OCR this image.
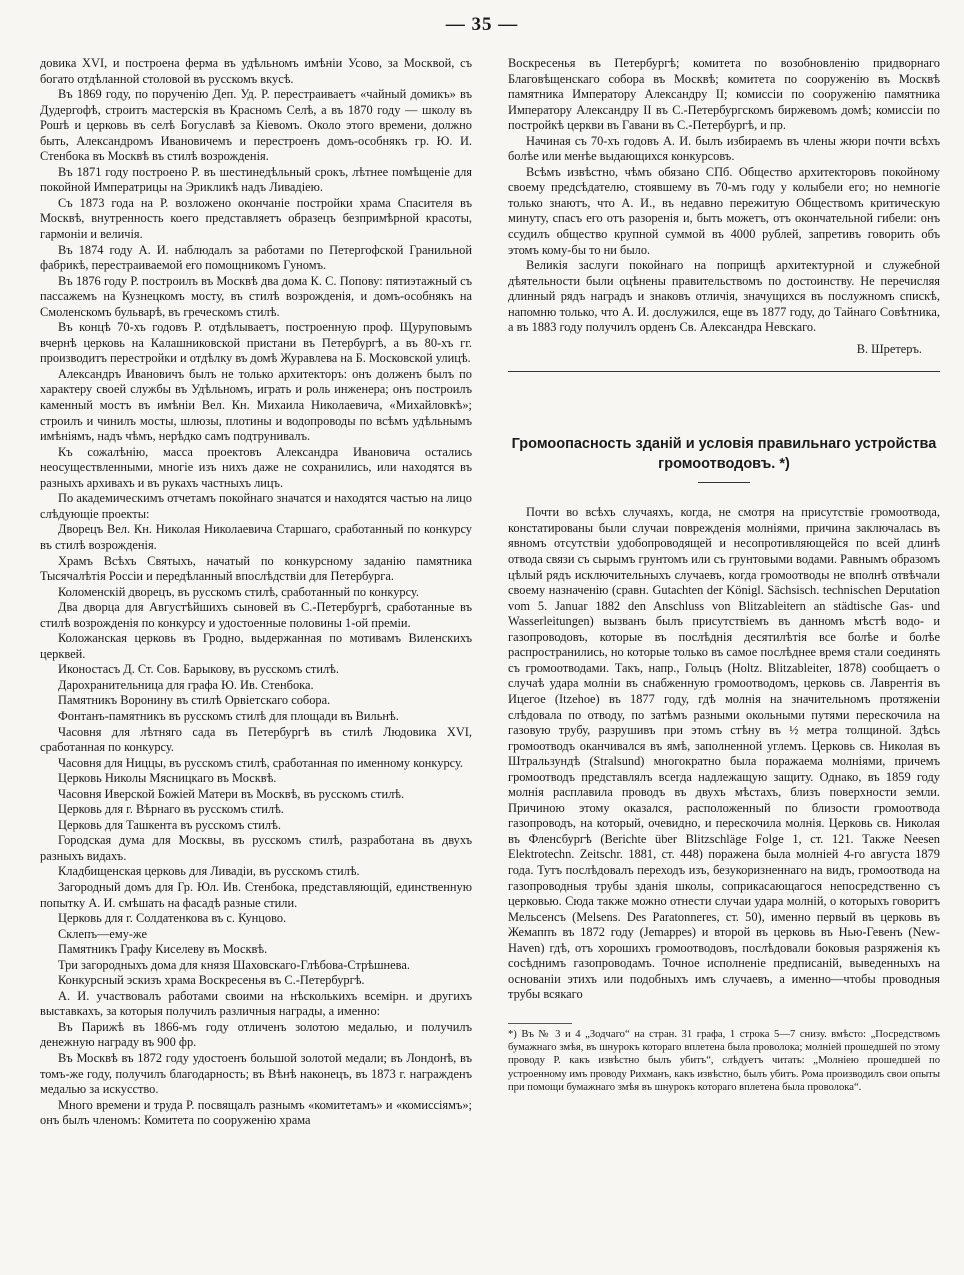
— 35 —

довика XVI, и построена ферма въ удѣльномъ имѣніи Усово, за Москвой, съ богато отдѣланной столовой въ русскомъ вкусѣ.

Въ 1869 году, по порученію Деп. Уд. Р. перестраиваетъ «чайный домикъ» въ Дудергофѣ, строитъ мастерскія въ Красномъ Селѣ, а въ 1870 году — школу въ Рошѣ и церковь въ селѣ Богуславѣ за Кіевомъ. Около этого времени, должно быть, Александромъ Ивановичемъ и перестроенъ домъ-особнякъ гр. Ю. И. Стенбока въ Москвѣ въ стилѣ возрожденія.

Въ 1871 году построено Р. въ шестинедѣльный срокъ, лѣтнее помѣщеніе для покойной Императрицы на Эрикликѣ надъ Ливадіею.

Съ 1873 года на Р. возложено окончаніе постройки храма Спасителя въ Москвѣ, внутренность коего представляетъ образецъ безпримѣрной красоты, гармоніи и величія.

Въ 1874 году А. И. наблюдалъ за работами по Петергофской Гранильной фабрикѣ, перестраиваемой его помощникомъ Гуномъ.

Въ 1876 году Р. построилъ въ Москвѣ два дома К. С. Попову: пятиэтажный съ пассажемъ на Кузнецкомъ мосту, въ стилѣ возрожденія, и домъ-особнякъ на Смоленскомъ бульварѣ, въ греческомъ стилѣ.

Въ концѣ 70-хъ годовъ Р. отдѣлываетъ, построенную проф. Щуруповымъ вчернѣ церковь на Калашниковской пристани въ Петербургѣ, а въ 80-хъ гг. производитъ перестройки и отдѣлку въ домѣ Журавлева на Б. Московской улицѣ.

Александръ Ивановичъ былъ не только архитекторъ: онъ долженъ былъ по характеру своей службы въ Удѣльномъ, играть и роль инженера; онъ построилъ каменный мостъ въ имѣніи Вел. Кн. Михаила Николаевича, «Михайловкѣ»; строилъ и чинилъ мосты, шлюзы, плотины и водопроводы по всѣмъ удѣльнымъ имѣніямъ, надъ чѣмъ, нерѣдко самъ подтрунивалъ.

Къ сожалѣнію, масса проектовъ Александра Ивановича остались неосуществленными, многіе изъ нихъ даже не сохранились, или находятся въ разныхъ архивахъ и въ рукахъ частныхъ лицъ.

По академическимъ отчетамъ покойнаго значатся и находятся частью на лицо слѣдующіе проекты:

Дворецъ Вел. Кн. Николая Николаевича Старшаго, сработанный по конкурсу въ стилѣ возрожденія.

Храмъ Всѣхъ Святыхъ, начатый по конкурсному заданію памятника Тысячалѣтія Россіи и передѣланный впослѣдствіи для Петербурга.

Коломенскій дворецъ, въ русскомъ стилѣ, сработанный по конкурсу.

Два дворца для Августѣйшихъ сыновей въ С.-Петербургѣ, сработанные въ стилѣ возрожденія по конкурсу и удостоенные половины 1-ой преміи.

Коложанская церковь въ Гродно, выдержанная по мотивамъ Виленскихъ церквей.

Иконостасъ Д. Ст. Сов. Барыкову, въ русскомъ стилѣ.

Дарохранительница для графа Ю. Ив. Стенбока.

Памятникъ Воронину въ стилѣ Орвіетскаго собора.

Фонтанъ-памятникъ въ русскомъ стилѣ для площади въ Вильнѣ.

Часовня для лѣтняго сада въ Петербургѣ въ стилѣ Людовика XVI, сработанная по конкурсу.

Часовня для Ниццы, въ русскомъ стилѣ, сработанная по именному конкурсу.

Церковь Николы Мясницкаго въ Москвѣ.

Часовня Иверской Божіей Матери въ Москвѣ, въ русскомъ стилѣ.

Церковь для г. Вѣрнаго въ русскомъ стилѣ.

Церковь для Ташкента въ русскомъ стилѣ.

Городская дума для Москвы, въ русскомъ стилѣ, разработана въ двухъ разныхъ видахъ.

Кладбищенская церковь для Ливадіи, въ русскомъ стилѣ.

Загородный домъ для Гр. Юл. Ив. Стенбока, представляющій, единственную попытку А. И. смѣшать на фасадѣ разные стили.

Церковь для г. Солдатенкова въ с. Кунцово.

Склепъ—ему-же

Памятникъ Графу Киселеву въ Москвѣ.

Три загородныхъ дома для князя Шаховскаго-Глѣбова-Стрѣшнева.

Конкурсный эскизъ храма Воскресенья въ С.-Петербургѣ.

А. И. участвовалъ работами своими на нѣсколькихъ всемірн. и другихъ выставкахъ, за которыя получилъ различныя награды, а именно:

Въ Парижѣ въ 1866-мъ году отличенъ золотою медалью, и получилъ денежную награду въ 900 фр.

Въ Москвѣ въ 1872 году удостоенъ большой золотой медали; въ Лондонѣ, въ томъ-же году, получилъ благодарность; въ Вѣнѣ наконецъ, въ 1873 г. награжденъ медалью за искусство.

Много времени и труда Р. посвящалъ разнымъ «комитетамъ» и «комиссіямъ»; онъ былъ членомъ: Комитета по сооруженію храма

Воскресенья въ Петербургѣ; комитета по возобновленію придворнаго Благовѣщенскаго собора въ Москвѣ; комитета по сооруженію въ Москвѣ памятника Императору Александру II; комиссіи по сооруженію памятника Императору Александру II въ С.-Петербургскомъ биржевомъ домѣ; комиссіи по постройкѣ церкви въ Гавани въ С.-Петербургѣ, и пр.

Начиная съ 70-хъ годовъ А. И. былъ избираемъ въ члены жюри почти всѣхъ болѣе или менѣе выдающихся конкурсовъ.

Всѣмъ извѣстно, чѣмъ обязано СПб. Общество архитекторовъ покойному своему предсѣдателю, стоявшему въ 70-мъ году у колыбели его; но немногіе только знаютъ, что А. И., въ недавно пережитую Обществомъ критическую минуту, спасъ его отъ разоренія и, быть можетъ, отъ окончательной гибели: онъ ссудилъ общество крупной суммой въ 4000 рублей, запретивъ говорить объ этомъ кому-бы то ни было.

Великія заслуги покойнаго на поприщѣ архитектурной и служебной дѣятельности были оцѣнены правительствомъ по достоинству. Не перечисляя длинный рядъ наградъ и знаковъ отличія, значущихся въ послужномъ спискѣ, напомню только, что А. И. дослужился, еще въ 1877 году, до Тайнаго Совѣтника, а въ 1883 году получилъ орденъ Св. Александра Невскаго.

В. Шретеръ.

Громоопасность зданій и условія правильнаго устройства громоотводовъ. *)

Почти во всѣхъ случаяхъ, когда, не смотря на присутствіе громоотвода, констатированы были случаи поврежденія молніями, причина заключалась въ явномъ отсутствіи удобопроводящей и несопротивляющейся по всей длинѣ отвода связи съ сырымъ грунтомъ или съ грунтовыми водами. Равнымъ образомъ цѣлый рядъ исключительныхъ случаевъ, когда громоотводы не вполнѣ отвѣчали своему назначенію (сравн. Gutachten der Königl. Sächsisch. technischen Deputation vom 5. Januar 1882 den Anschluss von Blitzableitern an städtische Gas- und Wasserleitungen) вызванъ былъ присутствіемъ въ данномъ мѣстѣ водо- и газопроводовъ, которые въ послѣднія десятилѣтія все болѣе и болѣе распространились, но которые только въ самое послѣднее время стали соединять съ громоотводами. Такъ, напр., Гольцъ (Holtz. Blitzableiter, 1878) сообщаетъ о случаѣ удара молніи въ снабженную громоотводомъ, церковь св. Лаврентія въ Ицегое (Itzehoe) въ 1877 году, гдѣ молнія на значительномъ протяженіи слѣдовала по отводу, по затѣмъ разными окольными путями перескочила на газовую трубу, разрушивъ при этомъ стѣну въ ½ метра толщиной. Здѣсь громоотводъ оканчивался въ ямѣ, заполненной углемъ. Церковь св. Николая въ Штральзундѣ (Stralsund) многократно была поражаема молніями, причемъ громоотводъ представлялъ всегда надлежащую защиту. Однако, въ 1859 году молнія расплавила проводъ въ двухъ мѣстахъ, близъ поверхности земли. Причиною этому оказался, расположенный по близости громоотвода газопроводъ, на который, очевидно, и перескочила молнія. Церковь св. Николая въ Фленсбургѣ (Berichte über Blitzschläge Folge 1, ст. 121. Также Neesen Elektrotechn. Zeitschr. 1881, ст. 448) поражена была молніей 4-го августа 1879 года. Тутъ послѣдовалъ переходъ изъ, безукоризненнаго на видъ, громоотвода на газопроводныя трубы зданія школы, соприкасающагося непосредственно съ церковью. Сюда также можно отнести случаи удара молній, о которыхъ говоритъ Мельсенсъ (Melsens. Des Paratonneres, ст. 50), именно первый въ церковь въ Жемаппъ въ 1872 году (Jemappes) и второй въ церковь въ Нью-Гевенъ (New-Haven) гдѣ, отъ хорошихъ громоотводовъ, послѣдовали боковыя разряженія къ сосѣднимъ газопроводамъ. Точное исполненіе предписаній, выведенныхъ на основаніи этихъ или подобныхъ имъ случаевъ, а именно—чтобы проводныя трубы всякаго

*) Въ № 3 и 4 „Зодчаго“ на стран. 31 графа, 1 строка 5—7 снизу. вмѣсто: „Посредствомъ бумажнаго змѣя, въ шнурокъ котораго вплетена была проволока; молніей прошедшей по этому проводу Р. какъ извѣстно былъ убитъ“, слѣдуетъ читать: „Молніею прошедшей по устроенному имъ проводу Рихманъ, какъ извѣстно, былъ убитъ. Рома производилъ свои опыты при помощи бумажнаго змѣя въ шнурокъ котораго вплетена была проволока“.
